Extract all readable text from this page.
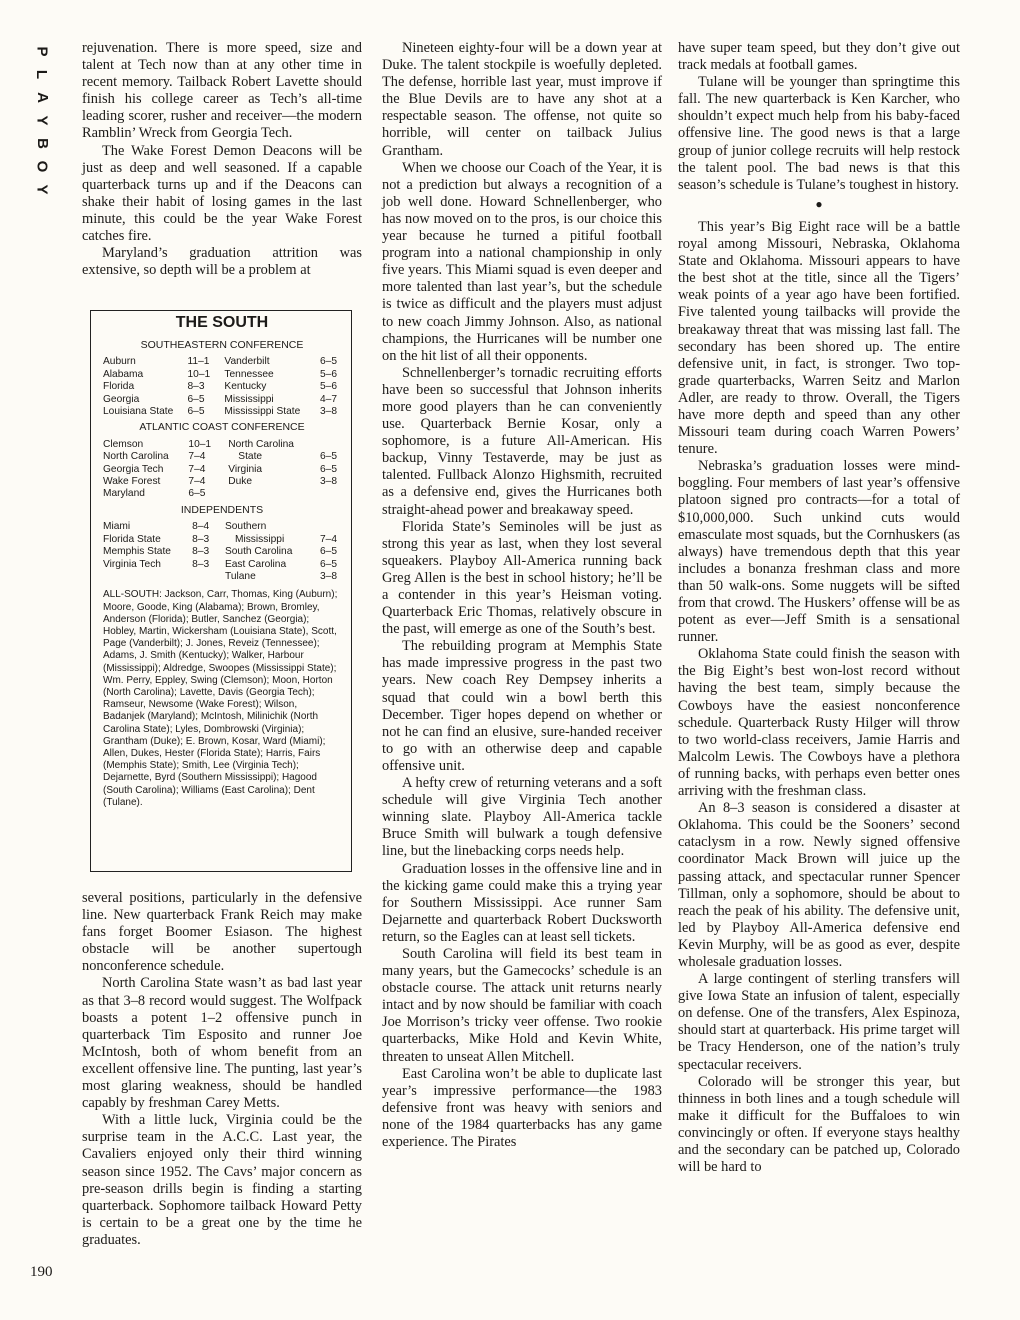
P
L
A
Y
B
O
Y
190

rejuvenation. There is more speed, size and talent at Tech now than at any other time in recent memory. Tailback Robert Lavette should finish his college career as Tech’s all-time leading scorer, rusher and receiver—the modern Ramblin’ Wreck from Georgia Tech.

The Wake Forest Demon Deacons will be just as deep and well seasoned. If a capable quarterback turns up and if the Deacons can shake their habit of losing games in the last minute, this could be the year Wake Forest catches fire.

Maryland’s graduation attrition was extensive, so depth will be a problem at

THE SOUTH
SOUTHEASTERN CONFERENCE
Auburn	11–1	Vanderbilt	6–5
Alabama	10–1	Tennessee	5–6
Florida	8–3	Kentucky	5–6
Georgia	6–5	Mississippi	4–7
Louisiana State	6–5	Mississippi State	3–8
ATLANTIC COAST CONFERENCE
Clemson	10–1	North Carolina	
North Carolina	7–4	State	6–5
Georgia Tech	7–4	Virginia	6–5
Wake Forest	7–4	Duke	3–8
Maryland	6–5		
INDEPENDENTS
Miami	8–4	Southern	
Florida State	8–3	Mississippi	7–4
Memphis State	8–3	South Carolina	6–5
Virginia Tech	8–3	East Carolina	6–5
		Tulane	3–8
ALL-SOUTH: Jackson, Carr, Thomas, King (Auburn); Moore, Goode, King (Alabama); Brown, Bromley, Anderson (Florida); Butler, Sanchez (Georgia); Hobley, Martin, Wickersham (Louisiana State), Scott, Page (Vanderbilt); J. Jones, Reveiz (Tennessee); Adams, J. Smith (Kentucky); Walker, Harbour (Mississippi); Aldredge, Swoopes (Mississippi State); Wm. Perry, Eppley, Swing (Clemson); Moon, Horton (North Carolina); Lavette, Davis (Georgia Tech); Ramseur, Newsome (Wake Forest); Wilson, Badanjek (Maryland); McIntosh, Milinichik (North Carolina State); Lyles, Dombrowski (Virginia); Grantham (Duke); E. Brown, Kosar, Ward (Miami); Allen, Dukes, Hester (Florida State); Harris, Fairs (Memphis State); Smith, Lee (Virginia Tech); Dejarnette, Byrd (Southern Mississippi); Hagood (South Carolina); Williams (East Carolina); Dent (Tulane).

several positions, particularly in the defensive line. New quarterback Frank Reich may make fans forget Boomer Esiason. The highest obstacle will be another supertough nonconference schedule.

North Carolina State wasn’t as bad last year as that 3–8 record would suggest. The Wolfpack boasts a potent 1–2 offensive punch in quarterback Tim Esposito and runner Joe McIntosh, both of whom benefit from an excellent offensive line. The punting, last year’s most glaring weakness, should be handled capably by freshman Carey Metts.

With a little luck, Virginia could be the surprise team in the A.C.C. Last year, the Cavaliers enjoyed only their third winning season since 1952. The Cavs’ major concern as pre-season drills begin is finding a starting quarterback. Sophomore tailback Howard Petty is certain to be a great one by the time he graduates.

Nineteen eighty-four will be a down year at Duke. The talent stockpile is woefully depleted. The defense, horrible last year, must improve if the Blue Devils are to have any shot at a respectable season. The offense, not quite so horrible, will center on tailback Julius Grantham.

When we choose our Coach of the Year, it is not a prediction but always a recognition of a job well done. Howard Schnellenberger, who has now moved on to the pros, is our choice this year because he turned a pitiful football program into a national championship in only five years. This Miami squad is even deeper and more talented than last year’s, but the schedule is twice as difficult and the players must adjust to new coach Jimmy Johnson. Also, as national champions, the Hurricanes will be number one on the hit list of all their opponents.

Schnellenberger’s tornadic recruiting efforts have been so successful that Johnson inherits more good players than he can conveniently use. Quarterback Bernie Kosar, only a sophomore, is a future All-American. His backup, Vinny Testaverde, may be just as talented. Fullback Alonzo Highsmith, recruited as a defensive end, gives the Hurricanes both straight-ahead power and breakaway speed.

Florida State’s Seminoles will be just as strong this year as last, when they lost several squeakers. Playboy All-America running back Greg Allen is the best in school history; he’ll be a contender in this year’s Heisman voting. Quarterback Eric Thomas, relatively obscure in the past, will emerge as one of the South’s best.

The rebuilding program at Memphis State has made impressive progress in the past two years. New coach Rey Dempsey inherits a squad that could win a bowl berth this December. Tiger hopes depend on whether or not he can find an elusive, sure-handed receiver to go with an otherwise deep and capable offensive unit.

A hefty crew of returning veterans and a soft schedule will give Virginia Tech another winning slate. Playboy All-America tackle Bruce Smith will bulwark a tough defensive line, but the linebacking corps needs help.

Graduation losses in the offensive line and in the kicking game could make this a trying year for Southern Mississippi. Ace runner Sam Dejarnette and quarterback Robert Ducksworth return, so the Eagles can at least sell tickets.

South Carolina will field its best team in many years, but the Gamecocks’ schedule is an obstacle course. The attack unit returns nearly intact and by now should be familiar with coach Joe Morrison’s tricky veer offense. Two rookie quarterbacks, Mike Hold and Kevin White, threaten to unseat Allen Mitchell.

East Carolina won’t be able to duplicate last year’s impressive performance—the 1983 defensive front was heavy with seniors and none of the 1984 quarterbacks has any game experience. The Pirates

have super team speed, but they don’t give out track medals at football games.

Tulane will be younger than springtime this fall. The new quarterback is Ken Karcher, who shouldn’t expect much help from his baby-faced offensive line. The good news is that a large group of junior college recruits will help restock the talent pool. The bad news is that this season’s schedule is Tulane’s toughest in history.

●

This year’s Big Eight race will be a battle royal among Missouri, Nebraska, Oklahoma State and Oklahoma. Missouri appears to have the best shot at the title, since all the Tigers’ weak points of a year ago have been fortified. Five talented young tailbacks will provide the breakaway threat that was missing last fall. The secondary has been shored up. The entire defensive unit, in fact, is stronger. Two top-grade quarterbacks, Warren Seitz and Marlon Adler, are ready to throw. Overall, the Tigers have more depth and speed than any other Missouri team during coach Warren Powers’ tenure.

Nebraska’s graduation losses were mind-boggling. Four members of last year’s offensive platoon signed pro contracts—for a total of $10,000,000. Such unkind cuts would emasculate most squads, but the Cornhuskers (as always) have tremendous depth that this year includes a bonanza freshman class and more than 50 walk-ons. Some nuggets will be sifted from that crowd. The Huskers’ offense will be as potent as ever—Jeff Smith is a sensational runner.

Oklahoma State could finish the season with the Big Eight’s best won-lost record without having the best team, simply because the Cowboys have the easiest nonconference schedule. Quarterback Rusty Hilger will throw to two world-class receivers, Jamie Harris and Malcolm Lewis. The Cowboys have a plethora of running backs, with perhaps even better ones arriving with the freshman class.

An 8–3 season is considered a disaster at Oklahoma. This could be the Sooners’ second cataclysm in a row. Newly signed offensive coordinator Mack Brown will juice up the passing attack, and spectacular runner Spencer Tillman, only a sophomore, should be about to reach the peak of his ability. The defensive unit, led by Playboy All-America defensive end Kevin Murphy, will be as good as ever, despite wholesale graduation losses.

A large contingent of sterling transfers will give Iowa State an infusion of talent, especially on defense. One of the transfers, Alex Espinoza, should start at quarterback. His prime target will be Tracy Henderson, one of the nation’s truly spectacular receivers.

Colorado will be stronger this year, but thinness in both lines and a tough schedule will make it difficult for the Buffaloes to win convincingly or often. If everyone stays healthy and the secondary can be patched up, Colorado will be hard to
